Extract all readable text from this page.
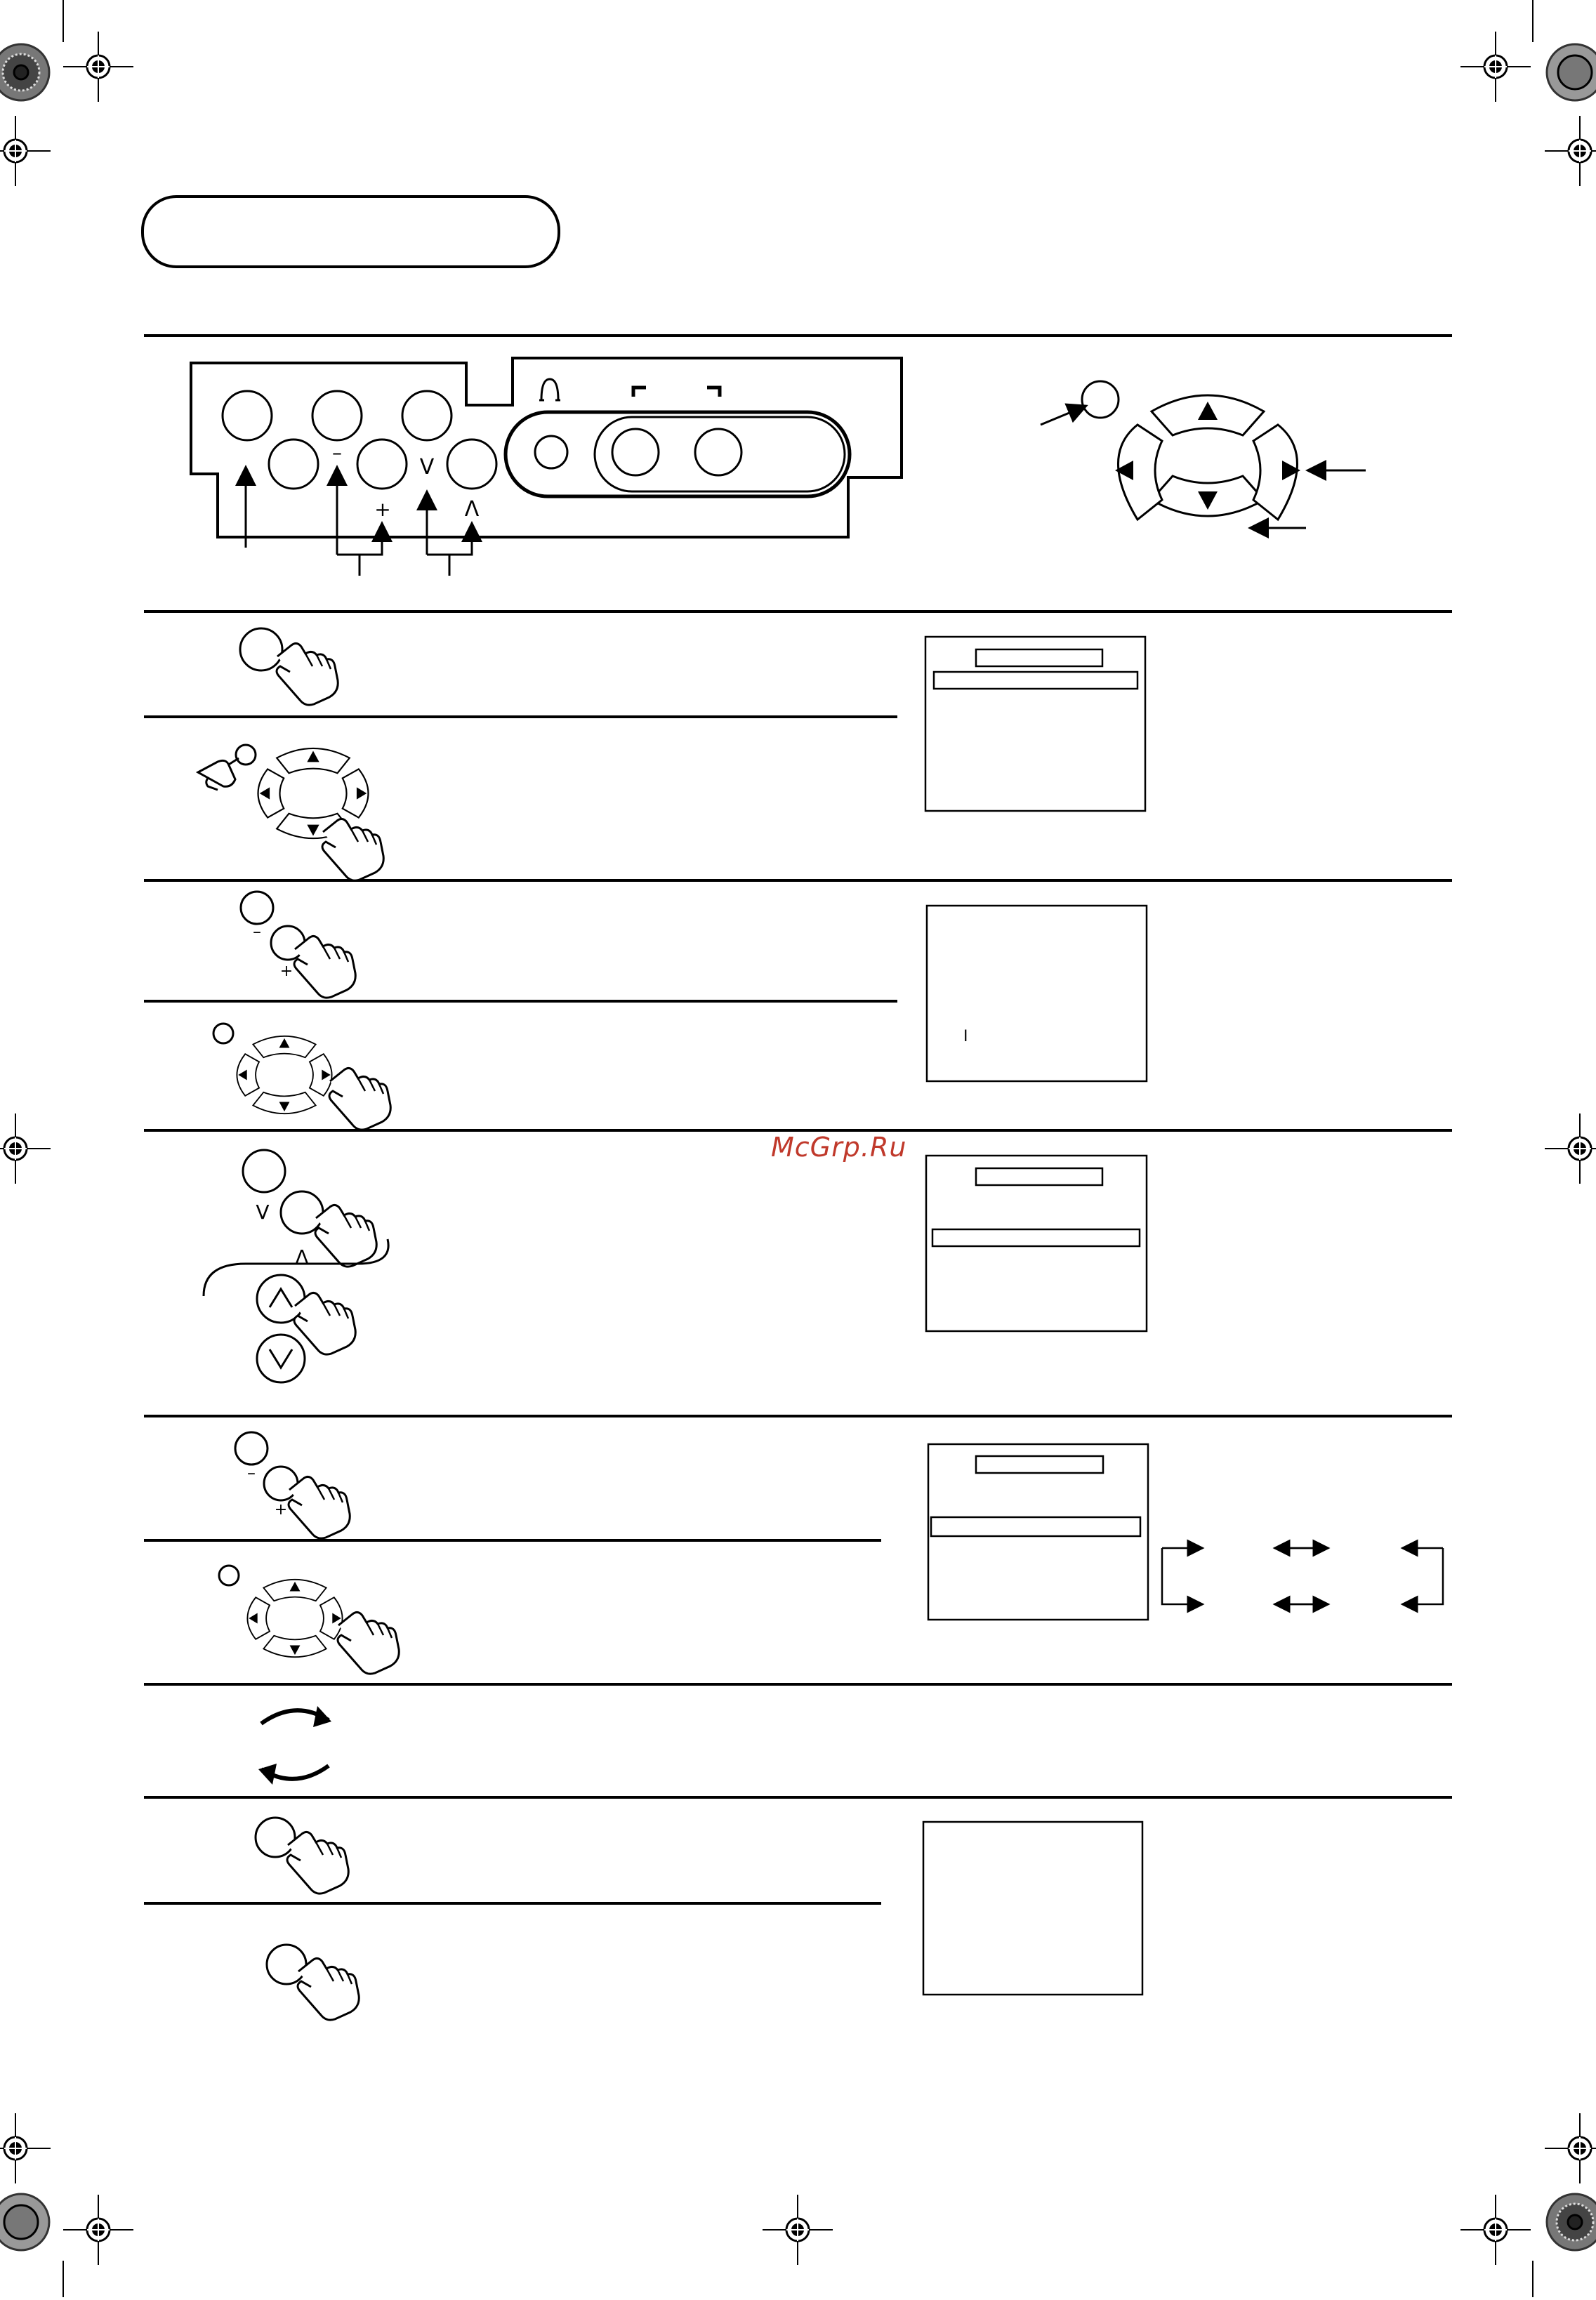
–
+
V
Λ
–
+
I
V
Λ
–
+
McGrp.Ru
